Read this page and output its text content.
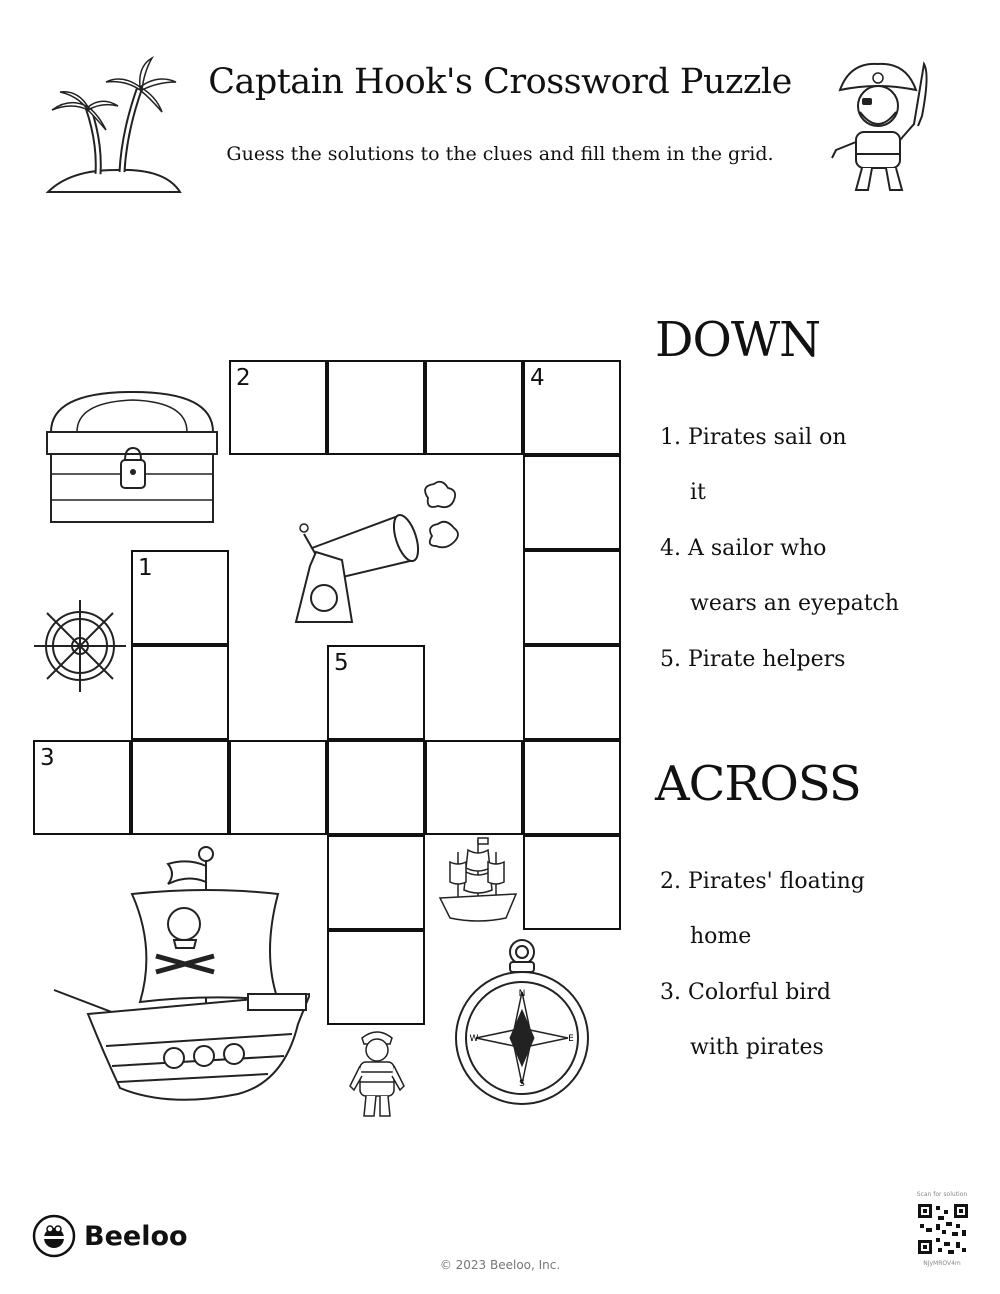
Captain Hook's Crossword Puzzle
Guess the solutions to the clues and fill them in the grid.
N
S
E
W
2	4
1
5
3
DOWN
1. Pirates sail on
it
4. A sailor who
wears an eyepatch
5. Pirate helpers
ACROSS
2. Pirates' floating
home
3. Colorful bird
with pirates
Beeloo
© 2023 Beeloo, Inc.
Scan for solution
NJyMROV4m
